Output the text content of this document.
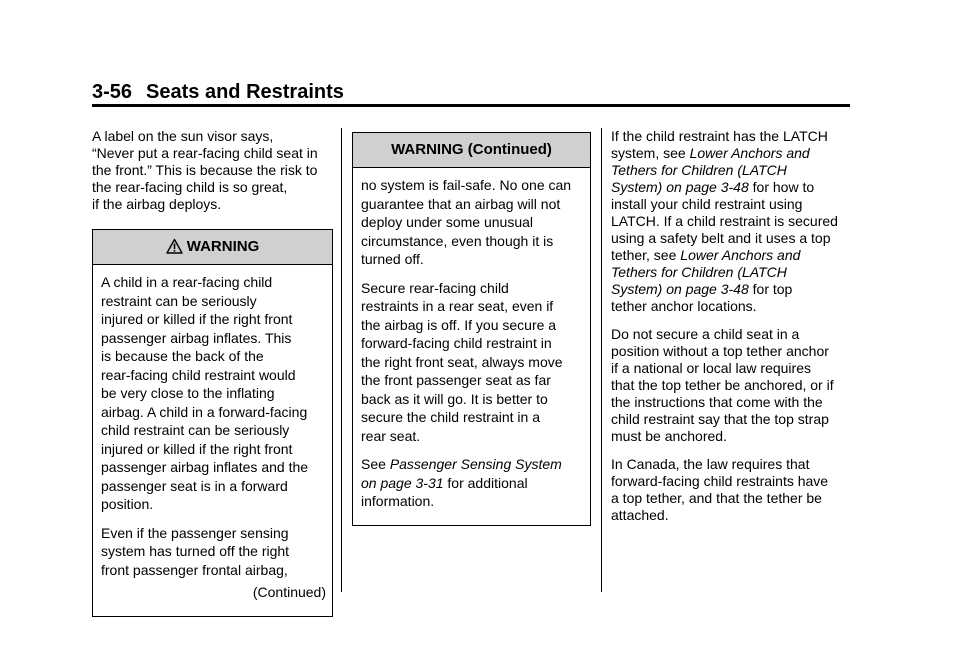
3-56 Seats and Restraints

A label on the sun visor says,
“Never put a rear-facing child seat in
the front.” This is because the risk to
the rear-facing child is so great,
if the airbag deploys.

WARNING

A child in a rear-facing child
restraint can be seriously
injured or killed if the right front
passenger airbag inflates. This
is because the back of the
rear-facing child restraint would
be very close to the inflating
airbag. A child in a forward-facing
child restraint can be seriously
injured or killed if the right front
passenger airbag inflates and the
passenger seat is in a forward
position.

Even if the passenger sensing
system has turned off the right
front passenger frontal airbag,

(Continued)

WARNING (Continued)

no system is fail-safe. No one can
guarantee that an airbag will not
deploy under some unusual
circumstance, even though it is
turned off.

Secure rear-facing child
restraints in a rear seat, even if
the airbag is off. If you secure a
forward-facing child restraint in
the right front seat, always move
the front passenger seat as far
back as it will go. It is better to
secure the child restraint in a
rear seat.

See Passenger Sensing System
on page 3-31 for additional
information.

If the child restraint has the LATCH
system, see Lower Anchors and
Tethers for Children (LATCH
System) on page 3-48 for how to
install your child restraint using
LATCH. If a child restraint is secured
using a safety belt and it uses a top
tether, see Lower Anchors and
Tethers for Children (LATCH
System) on page 3-48 for top
tether anchor locations.

Do not secure a child seat in a
position without a top tether anchor
if a national or local law requires
that the top tether be anchored, or if
the instructions that come with the
child restraint say that the top strap
must be anchored.

In Canada, the law requires that
forward-facing child restraints have
a top tether, and that the tether be
attached.
